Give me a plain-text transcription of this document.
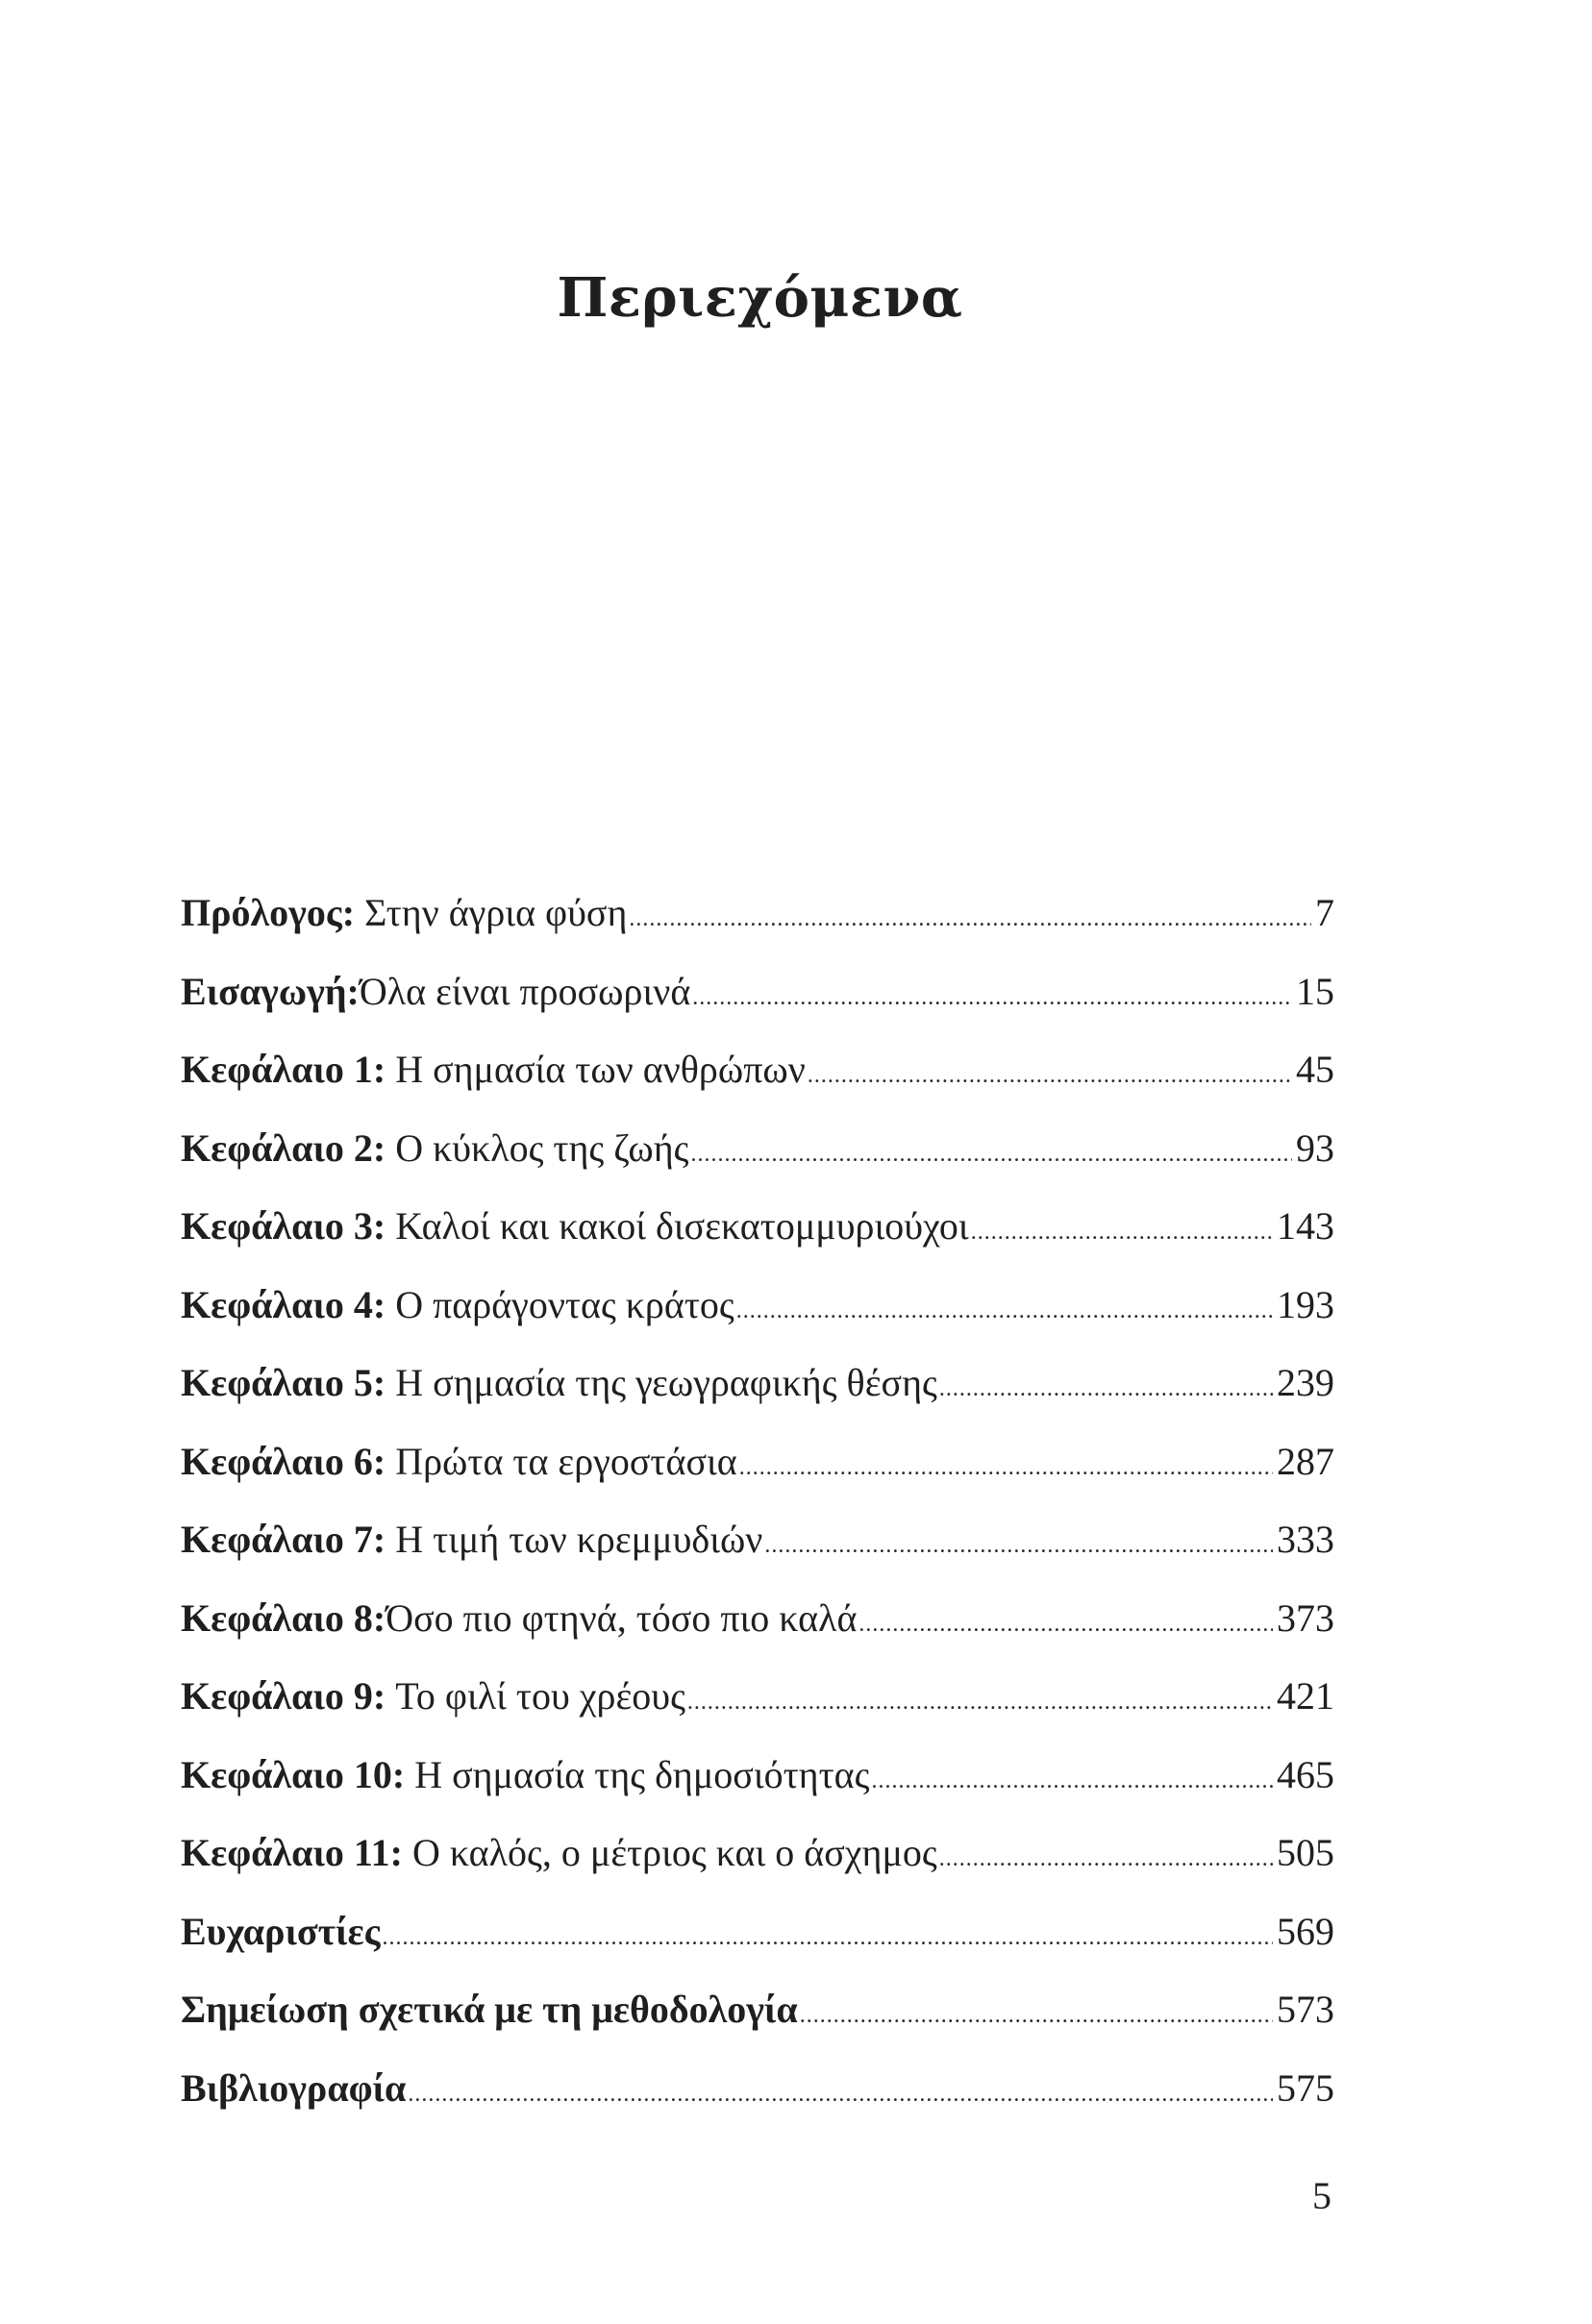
Περιεχόμενα
Πρόλογος:
Στην άγρια φύση .....	7
Εισαγωγή: Όλα είναι προσωρινά .....	15
Κεφάλαιο 1:
Η σημασία των ανθρώπων .....	45
Κεφάλαιο 2:
Ο κύκλος της ζωής .....	93
Κεφάλαιο 3:
Καλοί και κακοί δισεκατομμυριούχοι .....	143
Κεφάλαιο 4:
Ο παράγοντας κράτος .....	193
Κεφάλαιο 5:
Η σημασία της γεωγραφικής θέσης .....	239
Κεφάλαιο 6:
Πρώτα τα εργοστάσια .....	287
Κεφάλαιο 7:
Η τιμή των κρεμμυδιών .....	333
Κεφάλαιο 8: Όσο πιο φτηνά, τόσο πιο καλά .....	373
Κεφάλαιο 9:
Το φιλί του χρέους .....	421
Κεφάλαιο 10:
Η σημασία της δημοσιότητας .....	465
Κεφάλαιο 11:
Ο καλός, ο μέτριος και ο άσχημος .....	505
Ευχαριστίες .....	569
Σημείωση σχετικά με τη μεθοδολογία .....	573
Βιβλιογραφία .....	575
5
